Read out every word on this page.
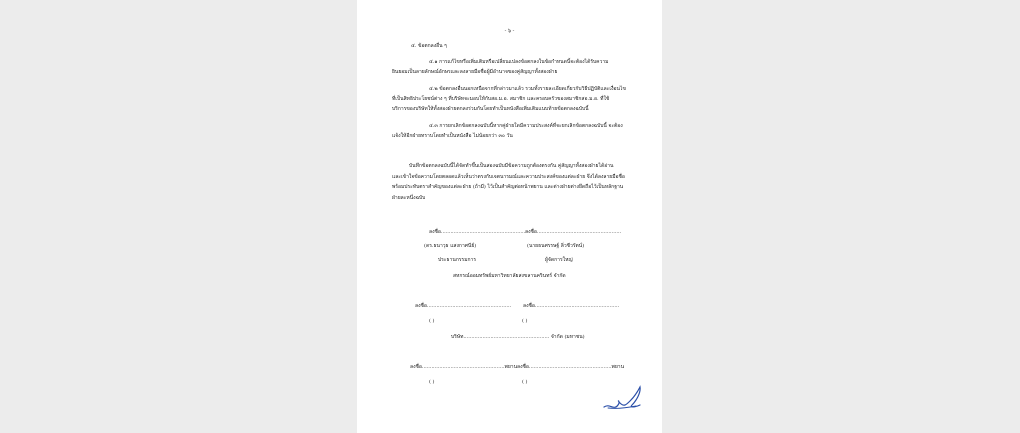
- ๖ -
๔. ข้อตกลงอื่น ๆ
๔.๑ การแก้ไขหรือเพิ่มเติมหรือเปลี่ยนแปลงข้อตกลงในข้อกำหนดนี้จะต้องได้รับความ
ยินยอมเป็นลายลักษณ์อักษรและลงลายมือชื่อผู้มีอำนาจของคู่สัญญาทั้งสองฝ่าย
๔.๒ ข้อตกลงอื่นนอกเหนือจากที่กล่าวมาแล้ว รวมทั้งรายละเอียดเกี่ยวกับวิธีปฏิบัติและเงื่อนไข
ที่เป็นสิทธิประโยชน์ต่าง ๆ ที่บริษัทจะมอบให้กับสอ.ม.อ. สมาชิก และครอบครัวของสมาชิกสอ.ม.อ. ที่ใช้
บริการของบริษัทให้ทั้งสองฝ่ายตกลงร่วมกันโดยทำเป็นหนังสือเพิ่มเติมแนบท้ายข้อตกลงฉบับนี้
๔.๓ การยกเลิกข้อตกลงฉบับนี้หากคู่ฝ่ายใดมีความประสงค์ที่จะยกเลิกข้อตกลงฉบับนี้ จะต้อง
แจ้งให้อีกฝ่ายทราบโดยทำเป็นหนังสือ ไม่น้อยกว่า ๓๐ วัน
บันทึกข้อตกลงฉบับนี้ได้จัดทำขึ้นเป็นสองฉบับมีข้อความถูกต้องตรงกัน คู่สัญญาทั้งสองฝ่ายได้อ่าน
และเข้าใจข้อความโดยตลอดแล้วเห็นว่าตรงกับเจตนารมณ์และความประสงค์ของแต่ละฝ่าย จึงได้ลงลายมือชื่อ
พร้อมประทับตราสำคัญของแต่ละฝ่าย (ถ้ามี) ไว้เป็นสำคัญต่อหน้าพยาน และต่างฝ่ายต่างยึดถือไว้เป็นหลักฐาน
ฝ่ายละหนึ่งฉบับ
ลงชื่อ..................................................... ลงชื่อ.....................................................
(ดร.ธนาวุธ แสงกาศนีย์)	(นายธนศรรษฐ์ ลิ่วชีวรัตน์)
ประธานกรรมการ	ผู้จัดการใหญ่
สหกรณ์ออมทรัพย์มหาวิทยาลัยสงขลานครินทร์ จำกัด
ลงชื่อ..................................................... ลงชื่อ.....................................................
( )	( )
บริษัท...................................................... จำกัด (มหาชน)
ลงชื่อ....................................................พยาน ลงชื่อ....................................................พยาน
( )	( )
